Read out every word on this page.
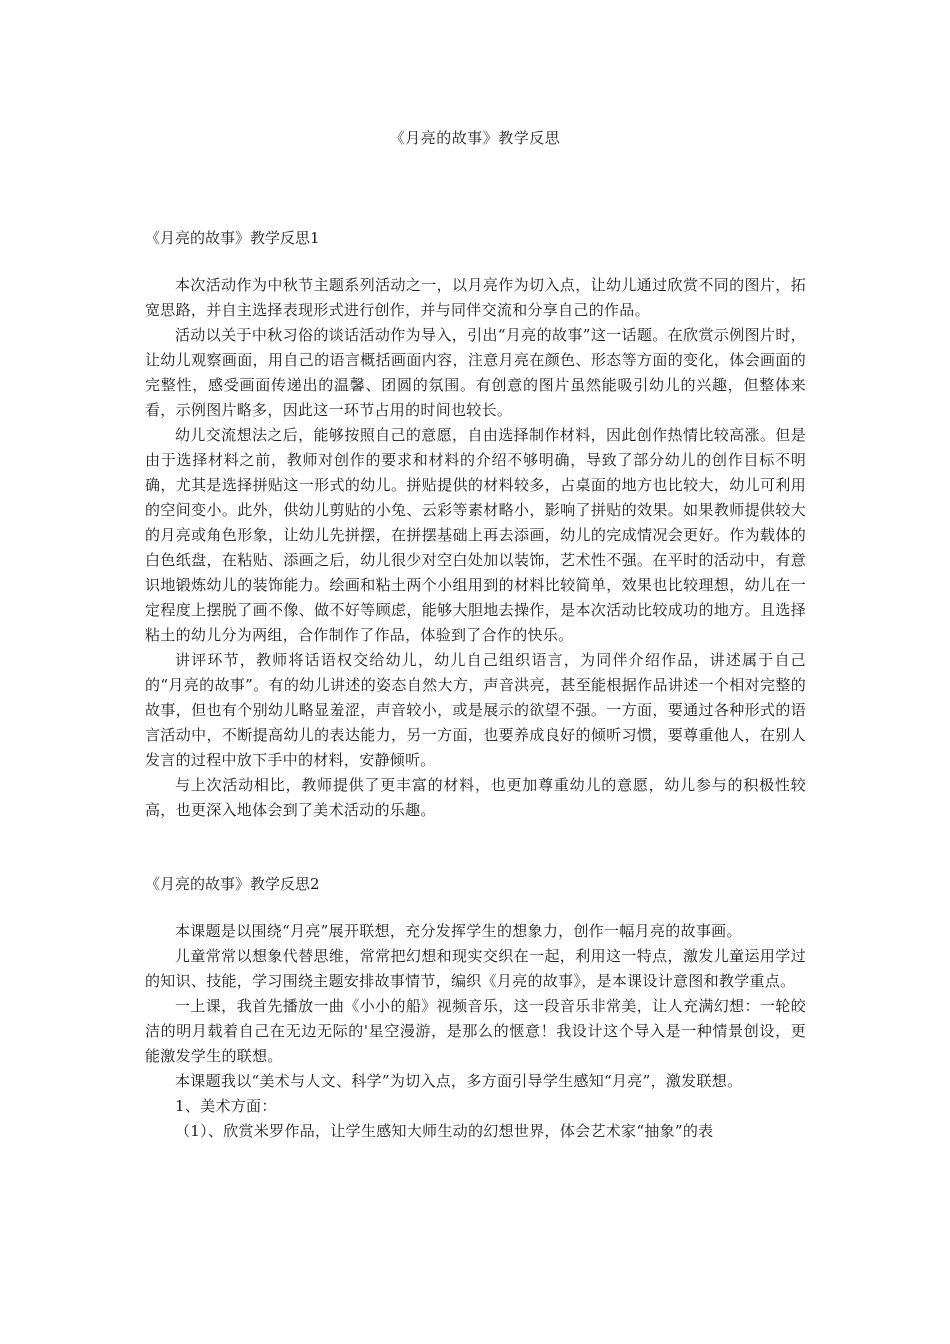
《月亮的故事》教学反思
《月亮的故事》教学反思1

本次活动作为中秋节主题系列活动之一，以月亮作为切入点，让幼儿通过欣赏不同的图片，拓宽思路，并自主选择表现形式进行创作，并与同伴交流和分享自己的作品。

活动以关于中秋习俗的谈话活动作为导入，引出“月亮的故事”这一话题。在欣赏示例图片时，让幼儿观察画面，用自己的语言概括画面内容，注意月亮在颜色、形态等方面的变化，体会画面的完整性，感受画面传递出的温馨、团圆的氛围。有创意的图片虽然能吸引幼儿的兴趣，但整体来看，示例图片略多，因此这一环节占用的时间也较长。

幼儿交流想法之后，能够按照自己的意愿，自由选择制作材料，因此创作热情比较高涨。但是由于选择材料之前，教师对创作的要求和材料的介绍不够明确，导致了部分幼儿的创作目标不明确，尤其是选择拼贴这一形式的幼儿。拼贴提供的材料较多，占桌面的地方也比较大，幼儿可利用的空间变小。此外，供幼儿剪贴的小兔、云彩等素材略小，影响了拼贴的效果。如果教师提供较大的月亮或角色形象，让幼儿先拼摆，在拼摆基础上再去添画，幼儿的完成情况会更好。作为载体的白色纸盘，在粘贴、添画之后，幼儿很少对空白处加以装饰，艺术性不强。在平时的活动中，有意识地锻炼幼儿的装饰能力。绘画和粘土两个小组用到的材料比较简单，效果也比较理想，幼儿在一定程度上摆脱了画不像、做不好等顾虑，能够大胆地去操作，是本次活动比较成功的地方。且选择粘土的幼儿分为两组，合作制作了作品，体验到了合作的快乐。

讲评环节，教师将话语权交给幼儿，幼儿自己组织语言，为同伴介绍作品，讲述属于自己的“月亮的故事”。有的幼儿讲述的姿态自然大方，声音洪亮，甚至能根据作品讲述一个相对完整的故事，但也有个别幼儿略显羞涩，声音较小，或是展示的欲望不强。一方面，要通过各种形式的语言活动中，不断提高幼儿的表达能力，另一方面，也要养成良好的倾听习惯，要尊重他人，在别人发言的过程中放下手中的材料，安静倾听。

与上次活动相比，教师提供了更丰富的材料，也更加尊重幼儿的意愿，幼儿参与的积极性较高，也更深入地体会到了美术活动的乐趣。

《月亮的故事》教学反思2

本课题是以围绕“月亮”展开联想，充分发挥学生的想象力，创作一幅月亮的故事画。

儿童常常以想象代替思维，常常把幻想和现实交织在一起，利用这一特点，激发儿童运用学过的知识、技能，学习围绕主题安排故事情节，编织《月亮的故事》，是本课设计意图和教学重点。

一上课，我首先播放一曲《小小的船》视频音乐，这一段音乐非常美，让人充满幻想：一轮皎洁的明月载着自己在无边无际的'星空漫游，是那么的惬意！我设计这个导入是一种情景创设，更能激发学生的联想。

本课题我以“美术与人文、科学”为切入点，多方面引导学生感知“月亮”，激发联想。

1、美术方面：

（1）、欣赏米罗作品，让学生感知大师生动的幻想世界，体会艺术家“抽象”的表
